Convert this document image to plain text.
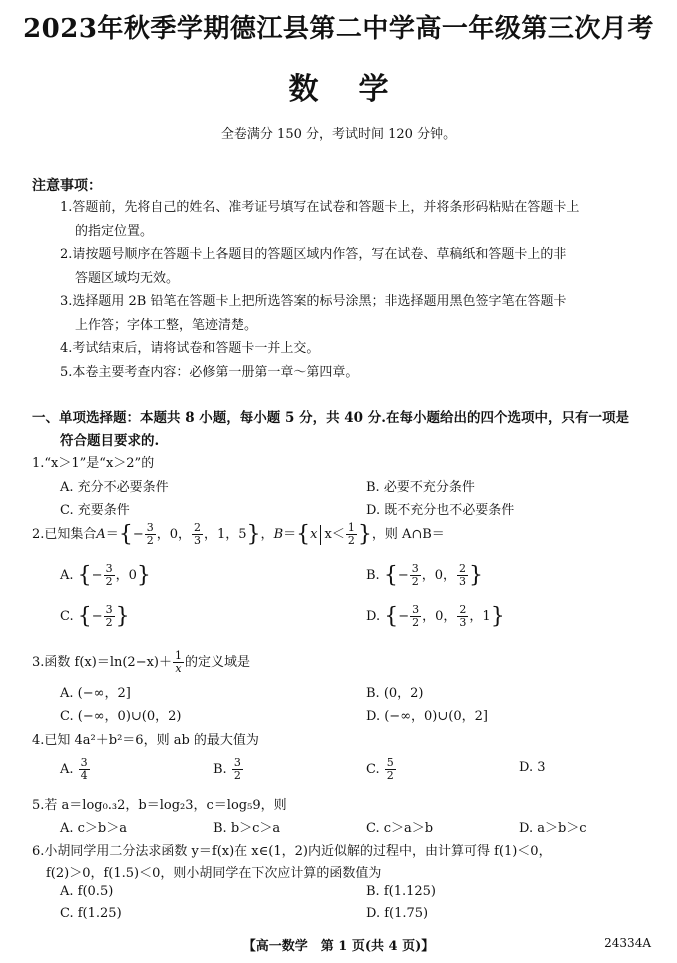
2023年秋季学期德江县第二中学高一年级第三次月考
数学
全卷满分 150 分，考试时间 120 分钟。
注意事项：
1.答题前，先将自己的姓名、准考证号填写在试卷和答题卡上，并将条形码粘贴在答题卡上
的指定位置。
2.请按题号顺序在答题卡上各题目的答题区域内作答，写在试卷、草稿纸和答题卡上的非
答题区域均无效。
3.选择题用 2B 铅笔在答题卡上把所选答案的标号涂黑；非选择题用黑色签字笔在答题卡
上作答；字体工整，笔迹清楚。
4.考试结束后，请将试卷和答题卡一并上交。
5.本卷主要考查内容：必修第一册第一章～第四章。
一、单项选择题：本题共 8 小题，每小题 5 分，共 40 分.在每小题给出的四个选项中，只有一项是
符合题目要求的.
1.“x＞1”是“x＞2”的
A. 充分不必要条件	B. 必要不充分条件
C. 充要条件	D. 既不充分也不必要条件
2.已知集合$A=\{- \frac{3}{2}$ ，0， $\frac{2}{3}$ ，1，5}，B＝{x $x< \frac{1}{2}$ }，则 A∩B＝
A. {− $\frac{3}{2}$ ，0}	B. {− $\frac{3}{2}$ ，0， $\frac{2}{3}$ }
C. {− $\frac{3}{2}$ }	D. {− $\frac{3}{2}$ ，0， $\frac{2}{3}$ ，1}
3.函数 $f(x)=\ln(2-x)+ \frac{1}{x}$ 的定义域是
A. (−∞，2]	B. (0，2)
C. (−∞，0)∪(0，2)	D. (−∞，0)∪(0，2]
4.已知 4a²＋b²＝6，则 ab 的最大值为
A. $\frac{3}{4}$	B. $\frac{3}{2}$	C. $\frac{5}{2}$	D. 3
5.若 a＝log₀.₃2，b＝log₂3，c＝log₅9，则
A. c＞b＞a	B. b＞c＞a	C. c＞a＞b	D. a＞b＞c
6.小胡同学用二分法求函数 y＝f(x)在 x∈(1，2)内近似解的过程中，由计算可得 f(1)＜0，
f(2)＞0，f(1.5)＜0，则小胡同学在下次应计算的函数值为
A. f(0.5)	B. f(1.125)
C. f(1.25)	D. f(1.75)
【高一数学　第 1 页(共 4 页)】	24334A
